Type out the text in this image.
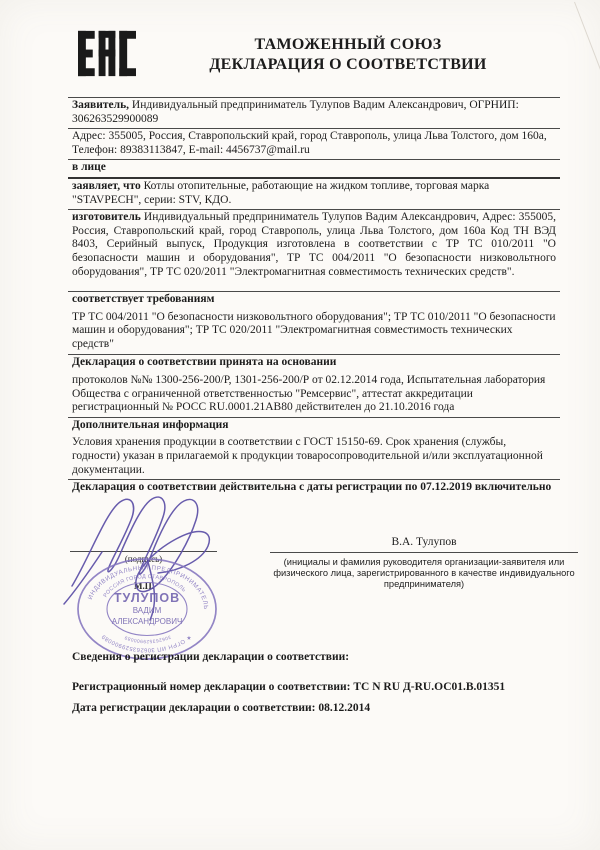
ТАМОЖЕННЫЙ СОЮЗ
ДЕКЛАРАЦИЯ О СООТВЕТСТВИИ
Заявитель, Индивидуальный предприниматель Тулупов Вадим Александрович, ОГРНИП:
306263529900089
Адрес: 355005, Россия, Ставропольский край, город Ставрополь, улица Льва Толстого, дом 160а, Телефон: 89383113847, E-mail: 4456737@mail.ru
в лице
заявляет, что Котлы отопительные, работающие на жидком топливе, торговая марка "STAVPECH", серии: STV, КДО.
изготовитель Индивидуальный предприниматель Тулупов Вадим Александрович, Адрес: 355005, Россия, Ставропольский край, город Ставрополь, улица Льва Толстого, дом 160а Код ТН ВЭД 8403, Серийный выпуск, Продукция изготовлена в соответствии с ТР ТС 010/2011 "О безопасности машин и оборудования", ТР ТС 004/2011 "О безопасности низковольтного оборудования", ТР ТС 020/2011 "Электромагнитная совместимость технических средств".
соответствует требованиям
ТР ТС 004/2011 "О безопасности низковольтного оборудования"; ТР ТС 010/2011 "О безопасности машин и оборудования"; ТР ТС 020/2011 "Электромагнитная совместимость технических средств"
Декларация о соответствии принята на основании
протоколов №№ 1300-256-200/Р, 1301-256-200/Р от 02.12.2014 года, Испытательная лаборатория Общества с ограниченной ответственностью "Ремсервис", аттестат аккредитации регистрационный № РОСС RU.0001.21АВ80 действителен до 21.10.2016 года
Дополнительная информация
Условия хранения продукции в соответствии с ГОСТ 15150-69. Срок хранения (службы, годности) указан в прилагаемой к продукции товаросопроводительной и/или эксплуатационной документации.
Декларация о соответствии действительна с даты регистрации по 07.12.2019 включительно
(подпись)
М.П.
В.А. Тулупов
(инициалы и фамилия руководителя организации-заявителя или физического лица, зарегистрированного в качестве индивидуального предпринимателя)
ИНДИВИДУАЛЬНЫЙ ПРЕДПРИНИМАТЕЛЬ
★ ОГРН ИП 306263529900089
РОССИЯ ГОРОД СТАВРОПОЛЬ
306263529900089
ТУЛУПОВ
ВАДИМ
АЛЕКСАНДРОВИЧ
Сведения о регистрации декларации о соответствии:
Регистрационный номер декларации о соответствии: ТС N RU Д-RU.ОС01.В.01351
Дата регистрации декларации о соответствии: 08.12.2014
